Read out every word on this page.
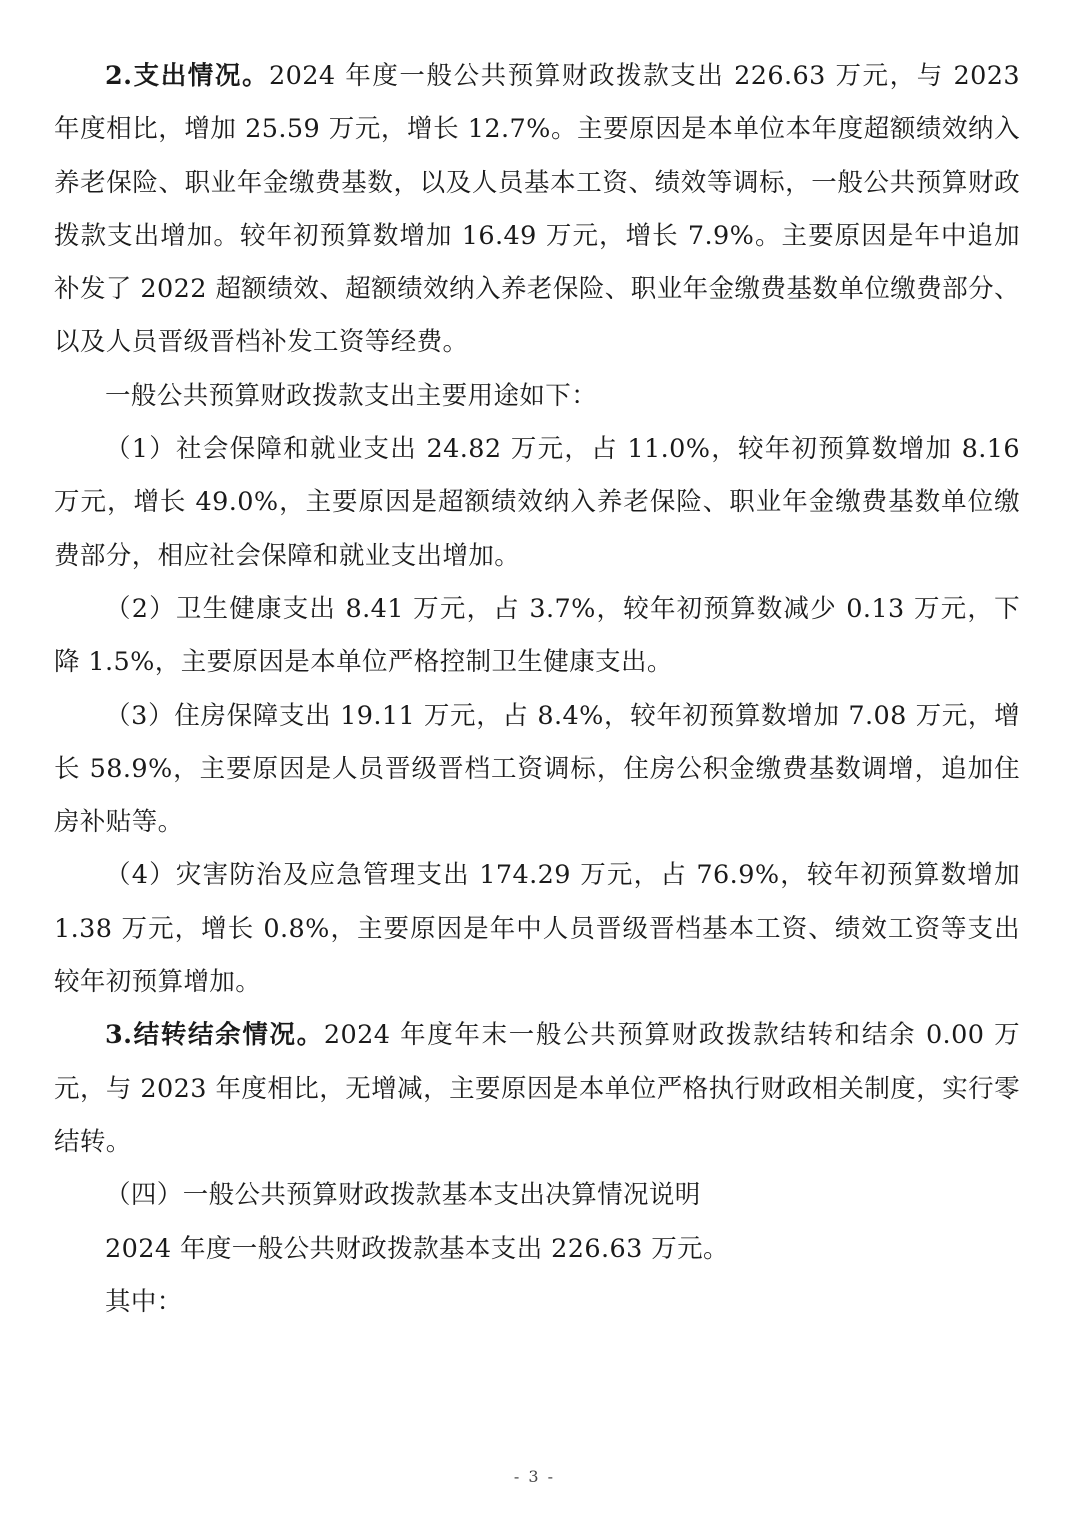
2.支出情况。2024 年度一般公共预算财政拨款支出 226.63 万元，与 2023 年度相比，增加 25.59 万元，增长 12.7%。主要原因是本单位本年度超额绩效纳入养老保险、职业年金缴费基数，以及人员基本工资、绩效等调标，一般公共预算财政拨款支出增加。较年初预算数增加 16.49 万元，增长 7.9%。主要原因是年中追加补发了 2022 超额绩效、超额绩效纳入养老保险、职业年金缴费基数单位缴费部分、以及人员晋级晋档补发工资等经费。

一般公共预算财政拨款支出主要用途如下：

（1）社会保障和就业支出 24.82 万元，占 11.0%，较年初预算数增加 8.16 万元，增长 49.0%，主要原因是超额绩效纳入养老保险、职业年金缴费基数单位缴费部分，相应社会保障和就业支出增加。

（2）卫生健康支出 8.41 万元，占 3.7%，较年初预算数减少 0.13 万元，下降 1.5%，主要原因是本单位严格控制卫生健康支出。

（3）住房保障支出 19.11 万元，占 8.4%，较年初预算数增加 7.08 万元，增长 58.9%，主要原因是人员晋级晋档工资调标，住房公积金缴费基数调增，追加住房补贴等。

（4）灾害防治及应急管理支出 174.29 万元，占 76.9%，较年初预算数增加 1.38 万元，增长 0.8%，主要原因是年中人员晋级晋档基本工资、绩效工资等支出较年初预算增加。

3.结转结余情况。2024 年度年末一般公共预算财政拨款结转和结余 0.00 万元，与 2023 年度相比，无增减，主要原因是本单位严格执行财政相关制度，实行零结转。

（四）一般公共预算财政拨款基本支出决算情况说明

2024 年度一般公共财政拨款基本支出 226.63 万元。

其中：

- 3 -
